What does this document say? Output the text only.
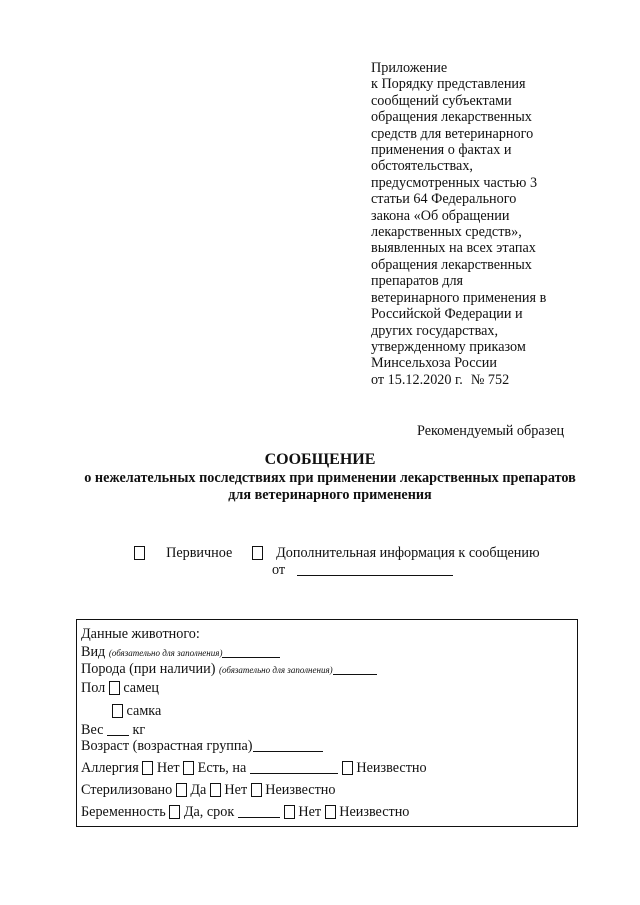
Приложение
к Порядку представления
сообщений субъектами
обращения лекарственных
средств для ветеринарного
применения о фактах и
обстоятельствах,
предусмотренных частью 3
статьи 64 Федерального
закона «Об обращении
лекарственных средств»,
выявленных на всех этапах
обращения лекарственных
препаратов для
ветеринарного применения в
Российской Федерации и
других государствах,
утвержденному приказом
Минсельхоза России
от 15.12.2020 г. № 752
Рекомендуемый образец
СООБЩЕНИЕ
о нежелательных последствиях при применении лекарственных препаратов для ветеринарного применения
Первичное	Дополнительная информация к сообщению
от
Данные животного:
Вид (обязательно для заполнения)
Порода (при наличии) (обязательно для заполнения)
Пол самец
самка
Вес кг
Возраст (возрастная группа)
Аллергия Нет Есть, на	Неизвестно
Стерилизовано Да Нет Неизвестно
Беременность Да, срок	Нет Неизвестно
